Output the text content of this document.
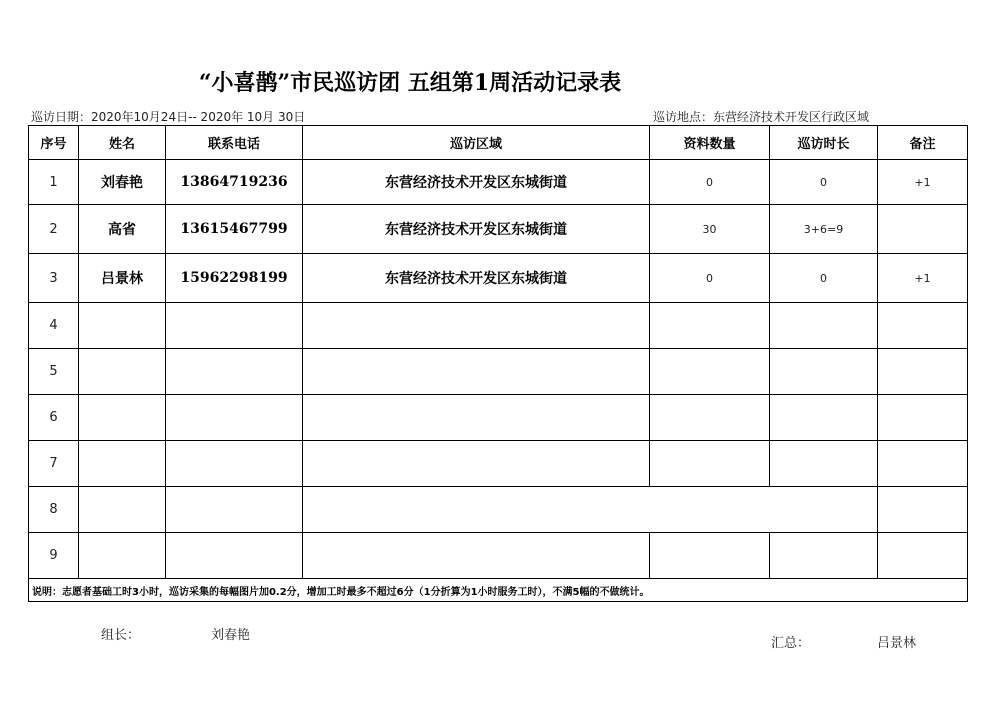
“小喜鹊”市民巡访团 五组第1周活动记录表
巡访日期：2020年10月24日-- 2020年 10月 30日	巡访地点：东营经济技术开发区行政区域
序号	姓名	联系电话	巡访区域	资料数量	巡访时长	备注
1	刘春艳	13864719236	东营经济技术开发区东城街道	0	0	+1
2	高省	13615467799	东营经济技术开发区东城街道	30	3+6=9	
3	吕景林	15962298199	东营经济技术开发区东城街道	0	0	+1
4						
5						
6						
7						
8						
9						
说明：志愿者基础工时3小时，巡访采集的每幅图片加0.2分，增加工时最多不超过6分（1分折算为1小时服务工时），不满5幅的不做统计。						
组长：	刘春艳
汇总：	吕景林
